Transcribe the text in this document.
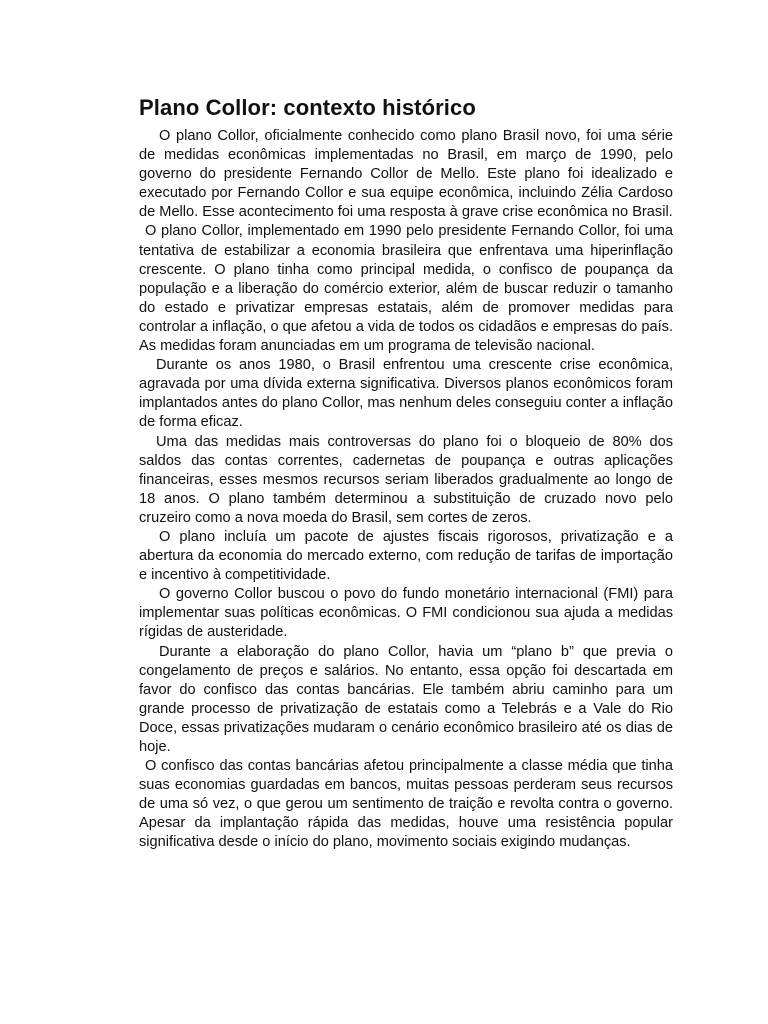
Plano Collor: contexto histórico

O plano Collor, oficialmente conhecido como plano Brasil novo, foi uma série de medidas econômicas implementadas no Brasil, em março de 1990, pelo governo do presidente Fernando Collor de Mello. Este plano foi idealizado e executado por Fernando Collor e sua equipe econômica, incluindo Zélia Cardoso de Mello. Esse acontecimento foi uma resposta à grave crise econômica no Brasil.

O plano Collor, implementado em 1990 pelo presidente Fernando Collor, foi uma tentativa de estabilizar a economia brasileira que enfrentava uma hiperinflação crescente. O plano tinha como principal medida, o confisco de poupança da população e a liberação do comércio exterior, além de buscar reduzir o tamanho do estado e privatizar empresas estatais, além de promover medidas para controlar a inflação, o que afetou a vida de todos os cidadãos e empresas do país. As medidas foram anunciadas em um programa de televisão nacional.

Durante os anos 1980, o Brasil enfrentou uma crescente crise econômica, agravada por uma dívida externa significativa. Diversos planos econômicos foram implantados antes do plano Collor, mas nenhum deles conseguiu conter a inflação de forma eficaz.

Uma das medidas mais controversas do plano foi o bloqueio de 80% dos saldos das contas correntes, cadernetas de poupança e outras aplicações financeiras, esses mesmos recursos seriam liberados gradualmente ao longo de 18 anos. O plano também determinou a substituição de cruzado novo pelo cruzeiro como a nova moeda do Brasil, sem cortes de zeros.

O plano incluía um pacote de ajustes fiscais rigorosos, privatização e a abertura da economia do mercado externo, com redução de tarifas de importação e incentivo à competitividade.

O governo Collor buscou o povo do fundo monetário internacional (FMI) para implementar suas políticas econômicas. O FMI condicionou sua ajuda a medidas rígidas de austeridade.

Durante a elaboração do plano Collor, havia um “plano b” que previa o congelamento de preços e salários. No entanto, essa opção foi descartada em favor do confisco das contas bancárias. Ele também abriu caminho para um grande processo de privatização de estatais como a Telebrás e a Vale do Rio Doce, essas privatizações mudaram o cenário econômico brasileiro até os dias de hoje.

O confisco das contas bancárias afetou principalmente a classe média que tinha suas economias guardadas em bancos, muitas pessoas perderam seus recursos de uma só vez, o que gerou um sentimento de traição e revolta contra o governo. Apesar da implantação rápida das medidas, houve uma resistência popular significativa desde o início do plano, movimento sociais exigindo mudanças.
